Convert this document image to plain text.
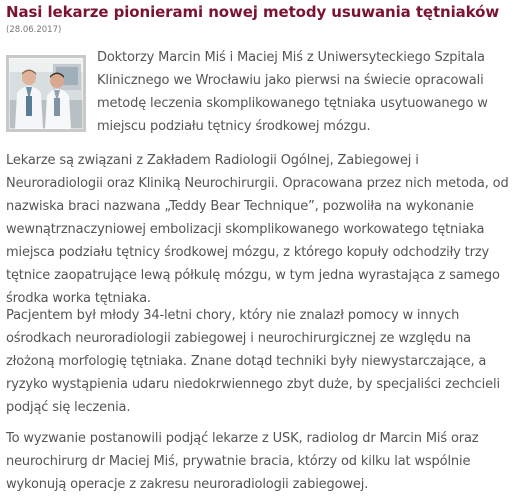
Nasi lekarze pionierami nowej metody usuwania tętniaków
(28.06.2017)

Doktorzy Marcin Miś i Maciej Miś z Uniwersyteckiego Szpitala Klinicznego we Wrocławiu jako pierwsi na świecie opracowali metodę leczenia skomplikowanego tętniaka usytuowanego w miejscu podziału tętnicy środkowej mózgu.

Lekarze są związani z Zakładem Radiologii Ogólnej, Zabiegowej i Neuroradiologii oraz Kliniką Neurochirurgii. Opracowana przez nich metoda, od nazwiska braci nazwana „Teddy Bear Technique”, pozwoliła na wykonanie wewnątrznaczyniowej embolizacji skomplikowanego workowatego tętniaka miejsca podziału tętnicy środkowej mózgu, z którego kopuły odchodziły trzy tętnice zaopatrujące lewą półkulę mózgu, w tym jedna wyrastająca z samego środka worka tętniaka.

Pacjentem był młody 34-letni chory, który nie znalazł pomocy w innych ośrodkach neuroradiologii zabiegowej i neurochirurgicznej ze względu na złożoną morfologię tętniaka. Znane dotąd techniki były niewystarczające, a ryzyko wystąpienia udaru niedokrwiennego zbyt duże, by specjaliści zechcieli podjąć się leczenia.

To wyzwanie postanowili podjąć lekarze z USK, radiolog dr Marcin Miś oraz neurochirurg dr Maciej Miś, prywatnie bracia, którzy od kilku lat wspólnie wykonują operacje z zakresu neuroradiologii zabiegowej.
